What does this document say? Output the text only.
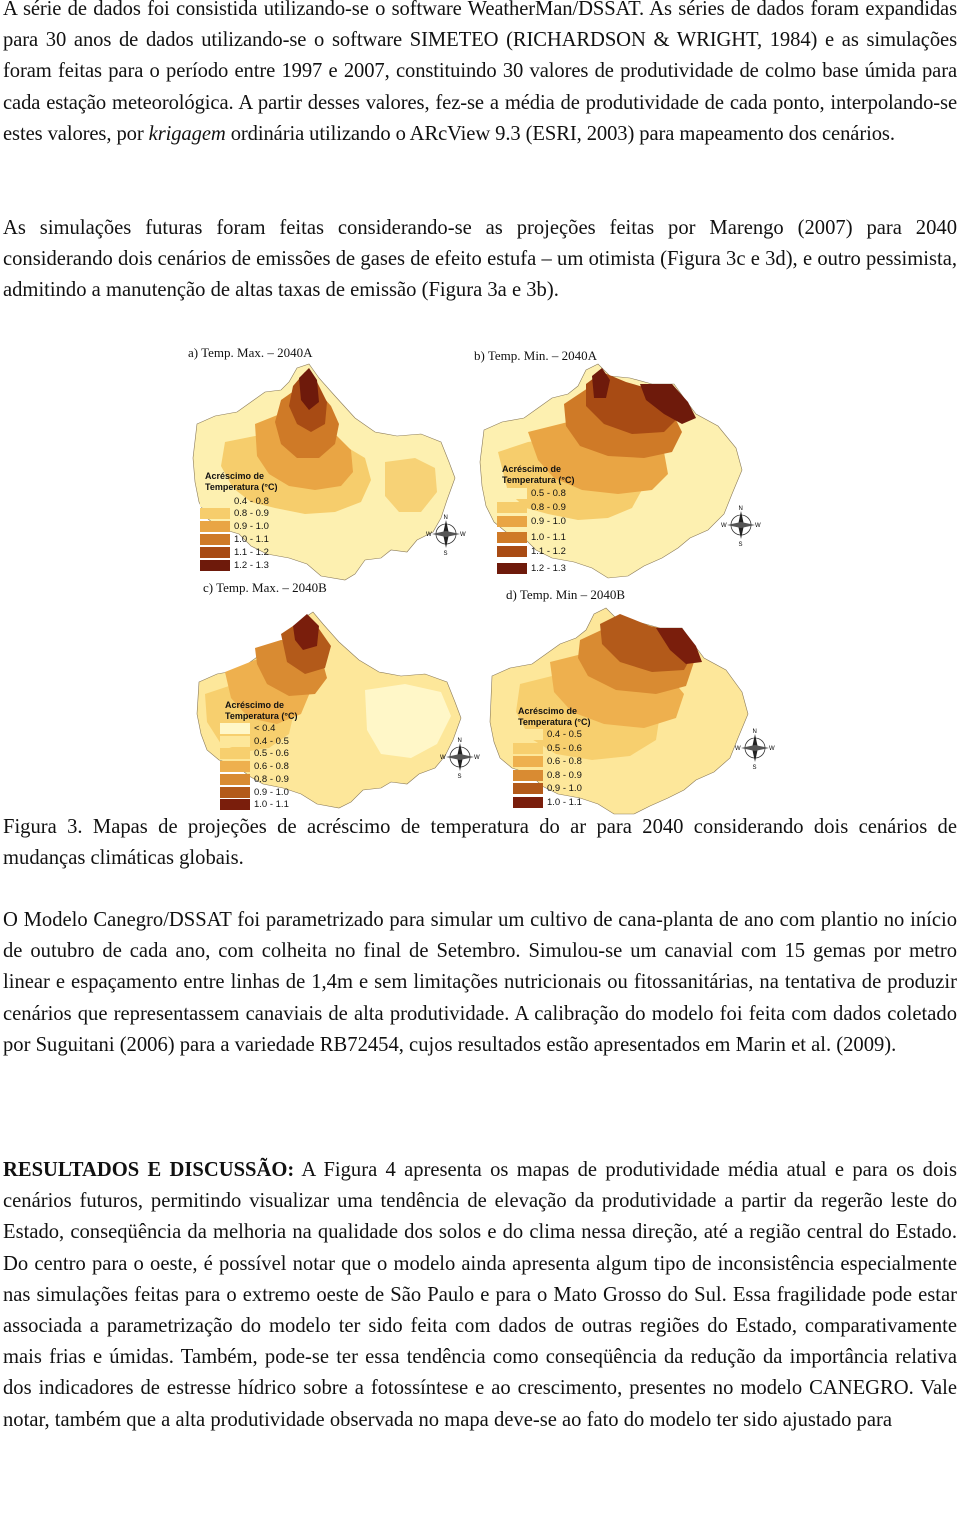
A série de dados foi consistida utilizando-se o software WeatherMan/DSSAT. As séries de dados foram expandidas para 30 anos de dados utilizando-se o software SIMETEO (RICHARDSON & WRIGHT, 1984) e as simulações foram feitas para o período entre 1997 e 2007, constituindo 30 valores de produtividade de colmo base úmida para cada estação meteorológica. A partir desses valores, fez-se a média de produtividade de cada ponto, interpolando-se estes valores, por krigagem ordinária utilizando o ARcView 9.3 (ESRI, 2003) para mapeamento dos cenários.

As simulações futuras foram feitas considerando-se as projeções feitas por Marengo (2007) para 2040 considerando dois cenários de emissões de gases de efeito estufa – um otimista (Figura 3c e 3d), e outro pessimista, admitindo a manutenção de altas taxas de emissão (Figura 3a e 3b).

a) Temp. Max. – 2040A	b) Temp. Min. – 2040A
c) Temp. Max. – 2040B	d) Temp. Min – 2040B
Acréscimo de
Temperatura (°C)
0.4 - 0.8
0.8 - 0.9
0.9 - 1.0
1.0 - 1.1
1.1 - 1.2
1.2 - 1.3
Acréscimo de
Temperatura (°C)
0.5 - 0.8
0.8 - 0.9
0.9 - 1.0
1.0 - 1.1
1.1 - 1.2
1.2 - 1.3
Acréscimo de
Temperatura (°C)
< 0.4
0.4 - 0.5
0.5 - 0.6
0.6 - 0.8
0.8 - 0.9
0.9 - 1.0
1.0 - 1.1
Acréscimo de
Temperatura (°C)
0.4 - 0.5
0.5 - 0.6
0.6 - 0.8
0.8 - 0.9
0.9 - 1.0
1.0 - 1.1
N
S
W	W
N
S
W	W
N
S
W	W
N
S
W	W

Figura 3. Mapas de projeções de acréscimo de temperatura do ar para 2040 considerando dois cenários de mudanças climáticas globais.

O Modelo Canegro/DSSAT foi parametrizado para simular um cultivo de cana-planta de ano com plantio no início de outubro de cada ano, com colheita no final de Setembro. Simulou-se um canavial com 15 gemas por metro linear e espaçamento entre linhas de 1,4m e sem limitações nutricionais ou fitossanitárias, na tentativa de produzir cenários que representassem canaviais de alta produtividade. A calibração do modelo foi feita com dados coletado por Suguitani (2006) para a variedade RB72454, cujos resultados estão apresentados em Marin et al. (2009).

RESULTADOS E DISCUSSÃO: A Figura 4 apresenta os mapas de produtividade média atual e para os dois cenários futuros, permitindo visualizar uma tendência de elevação da produtividade a partir da regerão leste do Estado, conseqüência da melhoria na qualidade dos solos e do clima nessa direção, até a região central do Estado. Do centro para o oeste, é possível notar que o modelo ainda apresenta algum tipo de inconsistência especialmente nas simulações feitas para o extremo oeste de São Paulo e para o Mato Grosso do Sul. Essa fragilidade pode estar associada a parametrização do modelo ter sido feita com dados de outras regiões do Estado, comparativamente mais frias e úmidas. Também, pode-se ter essa tendência como conseqüência da redução da importância relativa dos indicadores de estresse hídrico sobre a fotossíntese e ao crescimento, presentes no modelo CANEGRO. Vale notar, também que a alta produtividade observada no mapa deve-se ao fato do modelo ter sido ajustado para
